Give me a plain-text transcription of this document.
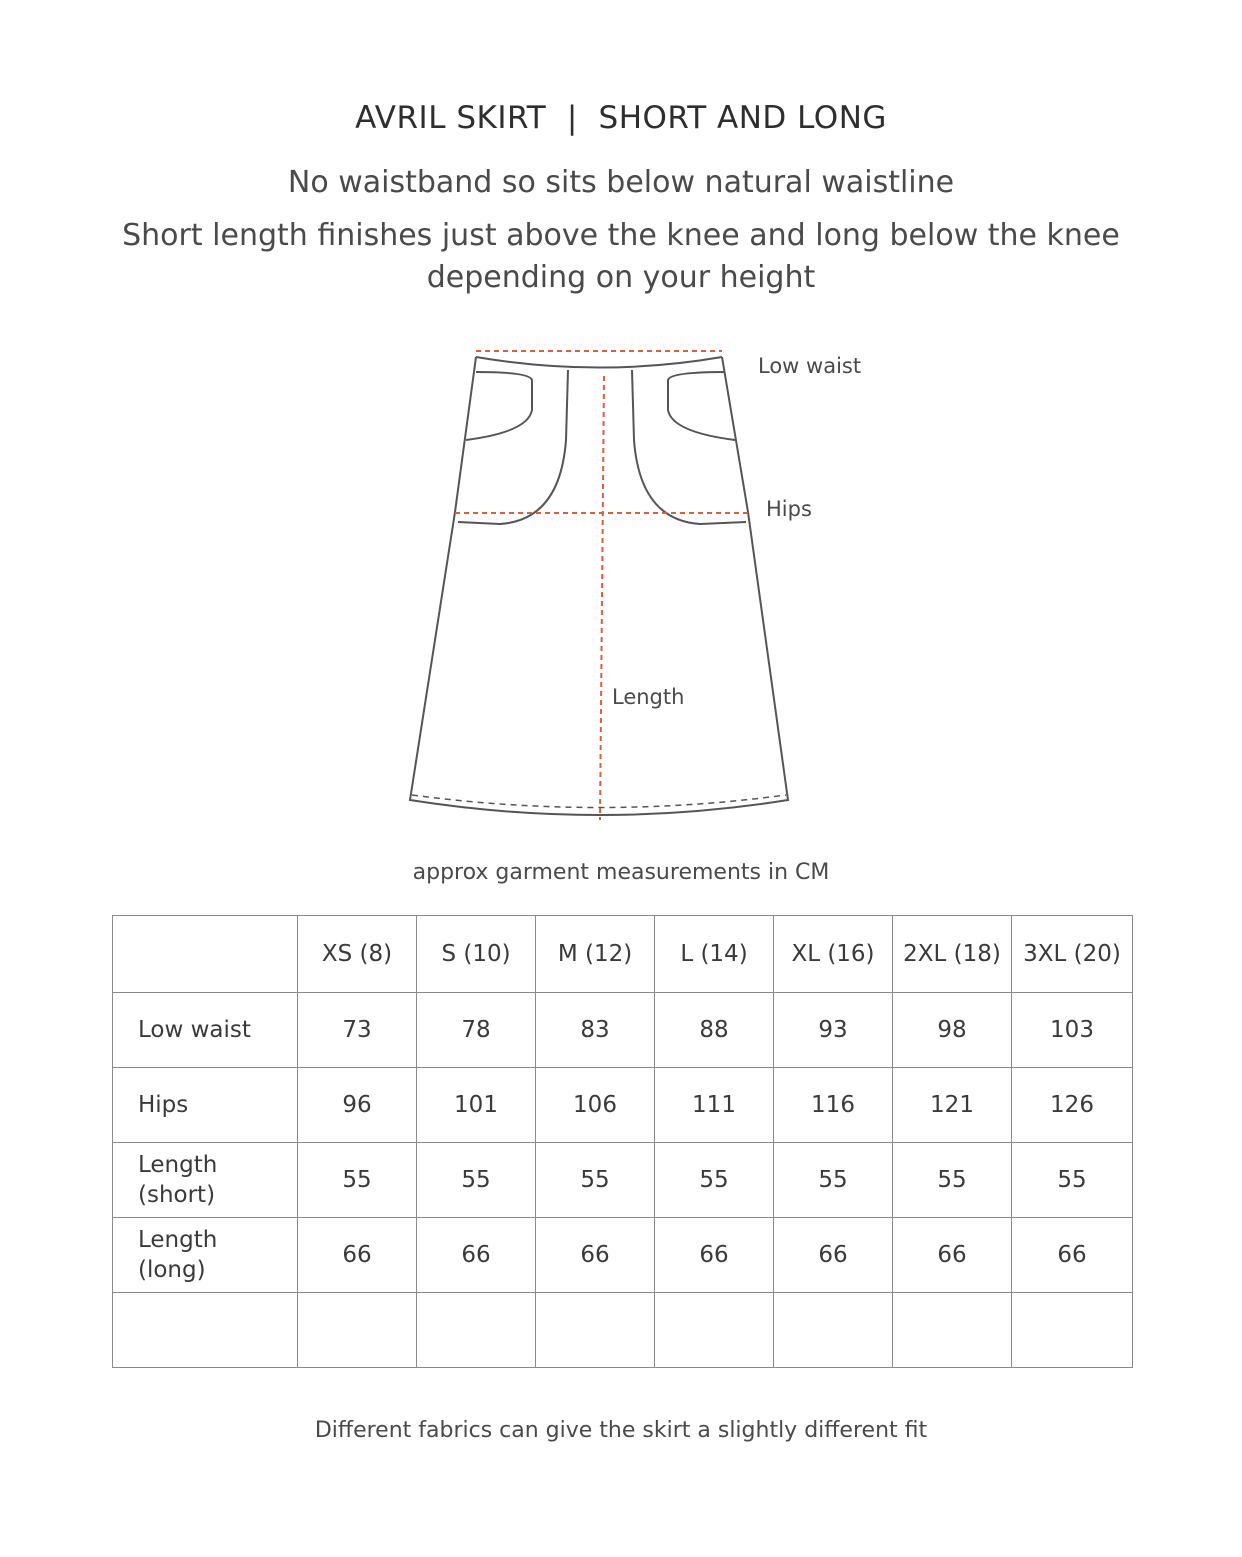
AVRIL SKIRT  |  SHORT AND LONG
No waistband so sits below natural waistline
Short length finishes just above the knee and long below the knee depending on your height
Low waist
Hips
Length
approx garment measurements in CM
	XS (8)	S (10)	M (12)	L (14)	XL (16)	2XL (18)	3XL (20)
Low waist	73	78	83	88	93	98	103
Hips	96	101	106	111	116	121	126
Length (short)	55	55	55	55	55	55	55
Length (long)	66	66	66	66	66	66	66

Different fabrics can give the skirt a slightly different fit
